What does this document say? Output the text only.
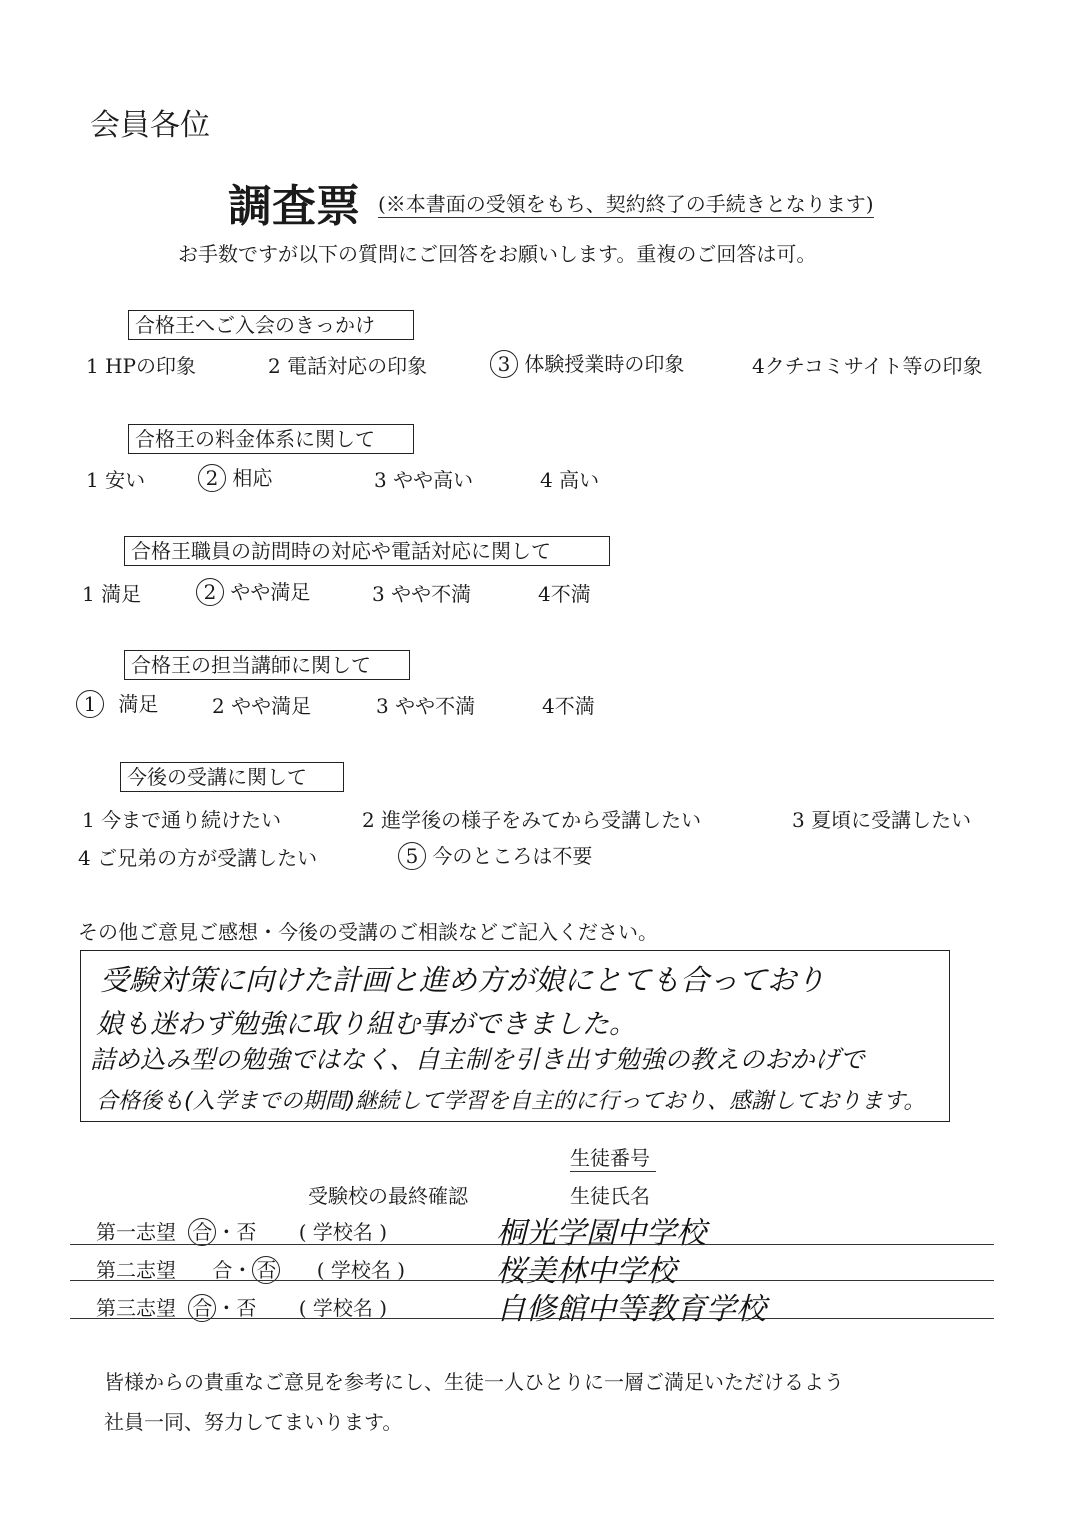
会員各位
調査票 (※本書面の受領をもち、契約終了の手続きとなります)
お手数ですが以下の質問にご回答をお願いします。重複のご回答は可。
合格王へご入会のきっかけ
1 HPの印象	2 電話対応の印象	3 体験授業時の印象	4クチコミサイト等の印象
合格王の料金体系に関して
1 安い	2 相応	3 やや高い	4 高い
合格王職員の訪問時の対応や電話対応に関して
1 満足	2 やや満足	3 やや不満	4不満
合格王の担当講師に関して
1 満足	2 やや満足	3 やや不満	4不満
今後の受講に関して
1 今まで通り続けたい	2 進学後の様子をみてから受講したい	3 夏頃に受講したい
4 ご兄弟の方が受講したい	5 今のところは不要
その他ご意見ご感想・今後の受講のご相談などご記入ください。
受験対策に向けた計画と進め方が娘にとても合っており
娘も迷わず勉強に取り組む事ができました。
詰め込み型の勉強ではなく、自主制を引き出す勉強の教えのおかげで
合格後も(入学までの期間)継続して学習を自主的に行っており、感謝しております。
生徒番号
受験校の最終確認	生徒氏名
第一志望 合 ・否 ( 学校名 )	桐光学園中学校
第二志望 合・ 否 ( 学校名 )	桜美林中学校
第三志望 合 ・否 ( 学校名 )	自修館中等教育学校
皆様からの貴重なご意見を参考にし、生徒一人ひとりに一層ご満足いただけるよう
社員一同、努力してまいります。
